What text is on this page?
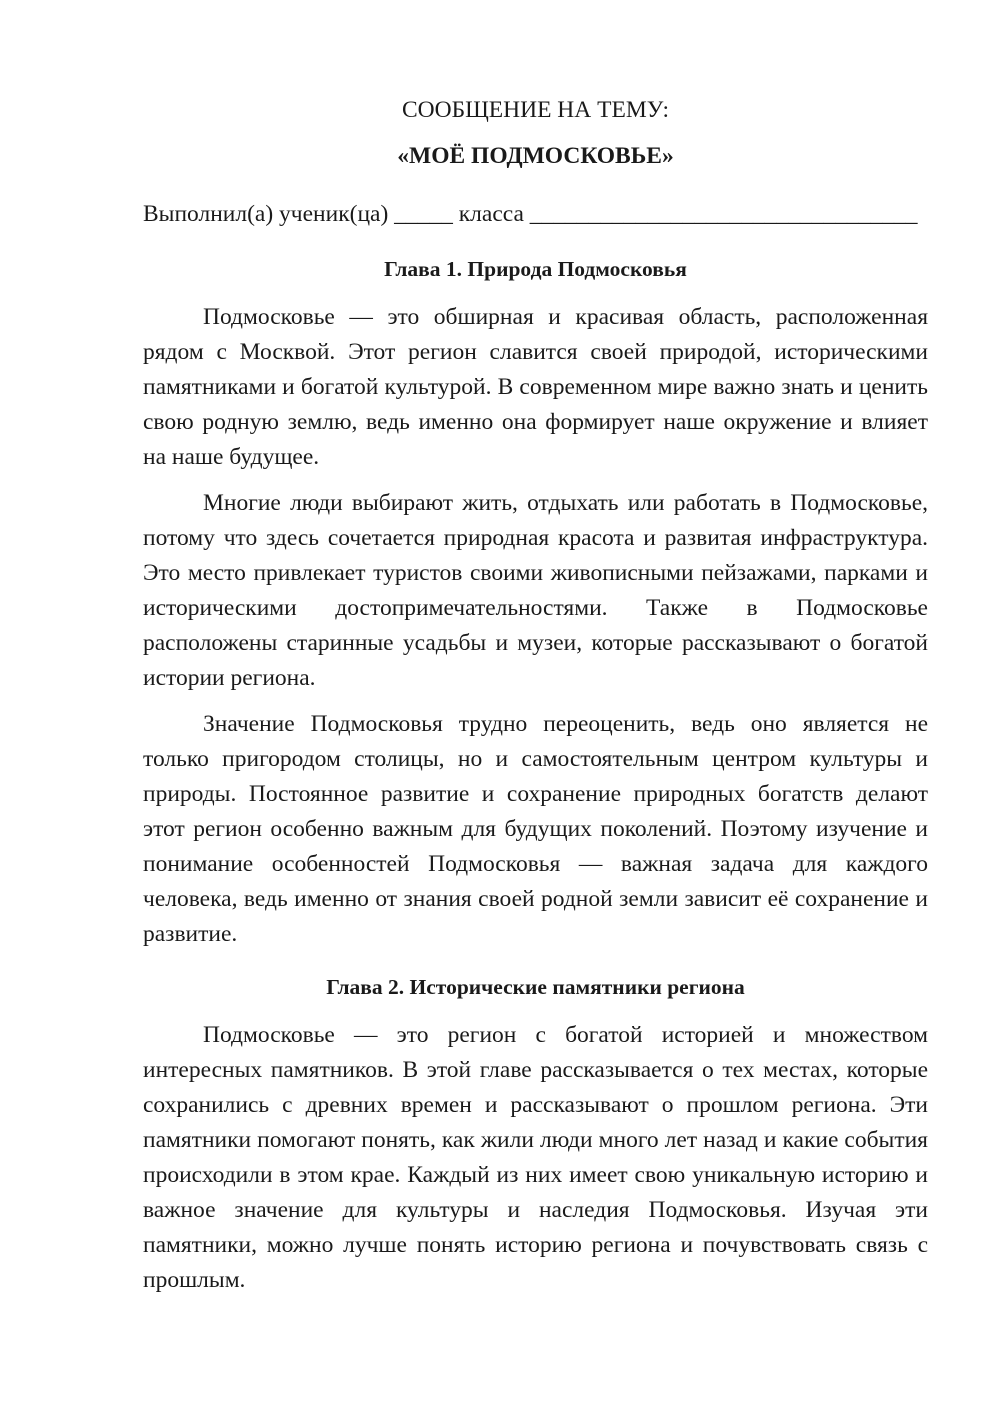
СООБЩЕНИЕ НА ТЕМУ:

«МОЁ ПОДМОСКОВЬЕ»

Выполнил(а) ученик(ца) _____ класса _________________________________

Глава 1. Природа Подмосковья

Подмосковье — это обширная и красивая область, расположенная рядом с Москвой. Этот регион славится своей природой, историческими памятниками и богатой культурой. В современном мире важно знать и ценить свою родную землю, ведь именно она формирует наше окружение и влияет на наше будущее.

Многие люди выбирают жить, отдыхать или работать в Подмосковье, потому что здесь сочетается природная красота и развитая инфраструктура. Это место привлекает туристов своими живописными пейзажами, парками и историческими достопримечательностями. Также в Подмосковье расположены старинные усадьбы и музеи, которые рассказывают о богатой истории региона.

Значение Подмосковья трудно переоценить, ведь оно является не только пригородом столицы, но и самостоятельным центром культуры и природы. Постоянное развитие и сохранение природных богатств делают этот регион особенно важным для будущих поколений. Поэтому изучение и понимание особенностей Подмосковья — важная задача для каждого человека, ведь именно от знания своей родной земли зависит её сохранение и развитие.

Глава 2. Исторические памятники региона

Подмосковье — это регион с богатой историей и множеством интересных памятников. В этой главе рассказывается о тех местах, которые сохранились с древних времен и рассказывают о прошлом региона. Эти памятники помогают понять, как жили люди много лет назад и какие события происходили в этом крае. Каждый из них имеет свою уникальную историю и важное значение для культуры и наследия Подмосковья. Изучая эти памятники, можно лучше понять историю региона и почувствовать связь с прошлым.
